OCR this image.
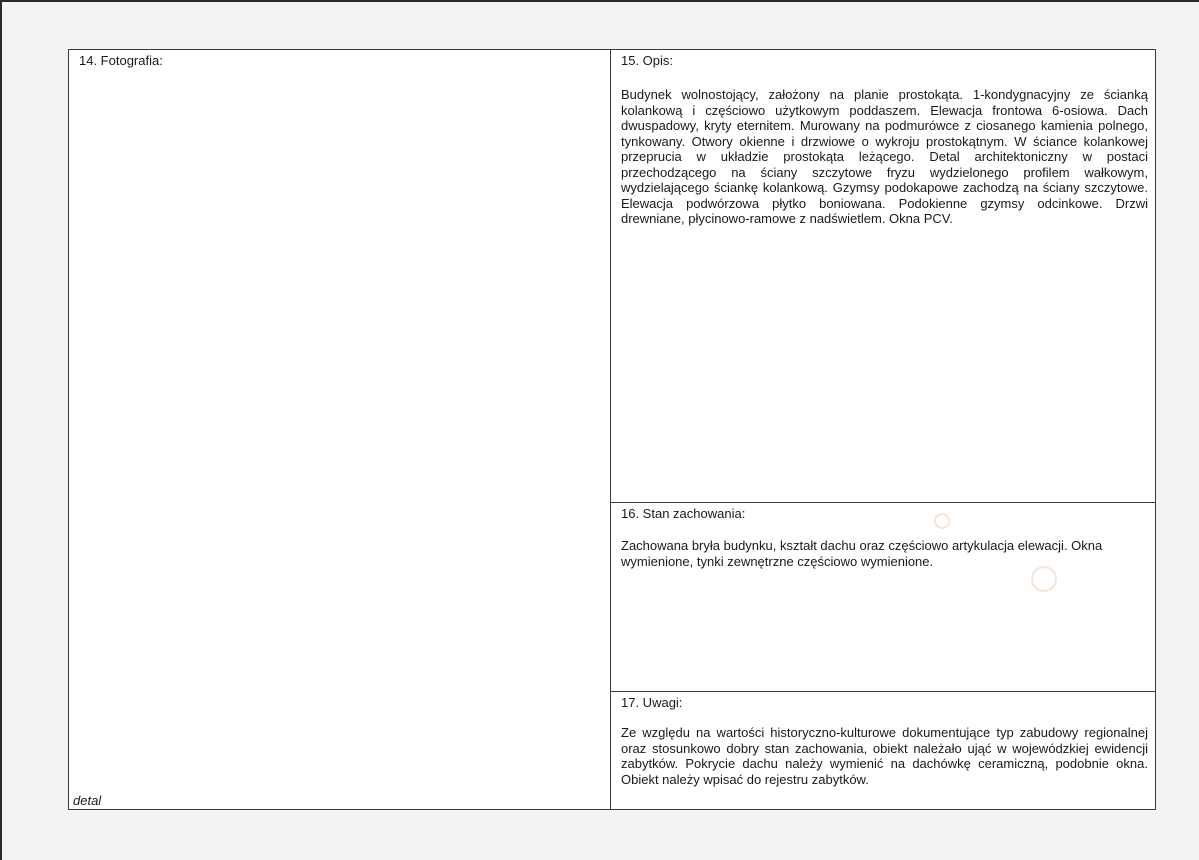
14. Fotografia:
detal
15. Opis:
Budynek wolnostojący, założony na planie prostokąta. 1-kondygnacyjny ze ścianką kolankową i częściowo użytkowym poddaszem. Elewacja frontowa 6-osiowa. Dach dwuspadowy, kryty eternitem. Murowany na podmurówce z ciosanego kamienia polnego, tynkowany. Otwory okienne i drzwiowe o wykroju prostokątnym. W ściance kolankowej przeprucia w układzie prostokąta leżącego. Detal architektoniczny w postaci przechodzącego na ściany szczytowe fryzu wydzielonego profilem wałkowym, wydzielającego ściankę kolankową. Gzymsy podokapowe zachodzą na ściany szczytowe. Elewacja podwórzowa płytko boniowana. Podokienne gzymsy odcinkowe. Drzwi drewniane, płycinowo-ramowe z nadświetlem. Okna PCV.
16. Stan zachowania:
Zachowana bryła budynku, kształt dachu oraz częściowo artykulacja elewacji. Okna wymienione, tynki zewnętrzne częściowo wymienione.
17. Uwagi:
Ze względu na wartości historyczno-kulturowe dokumentujące typ zabudowy regionalnej oraz stosunkowo dobry stan zachowania, obiekt należało ująć w wojewódzkiej ewidencji zabytków. Pokrycie dachu należy wymienić na dachówkę ceramiczną, podobnie okna. Obiekt należy wpisać do rejestru zabytków.
